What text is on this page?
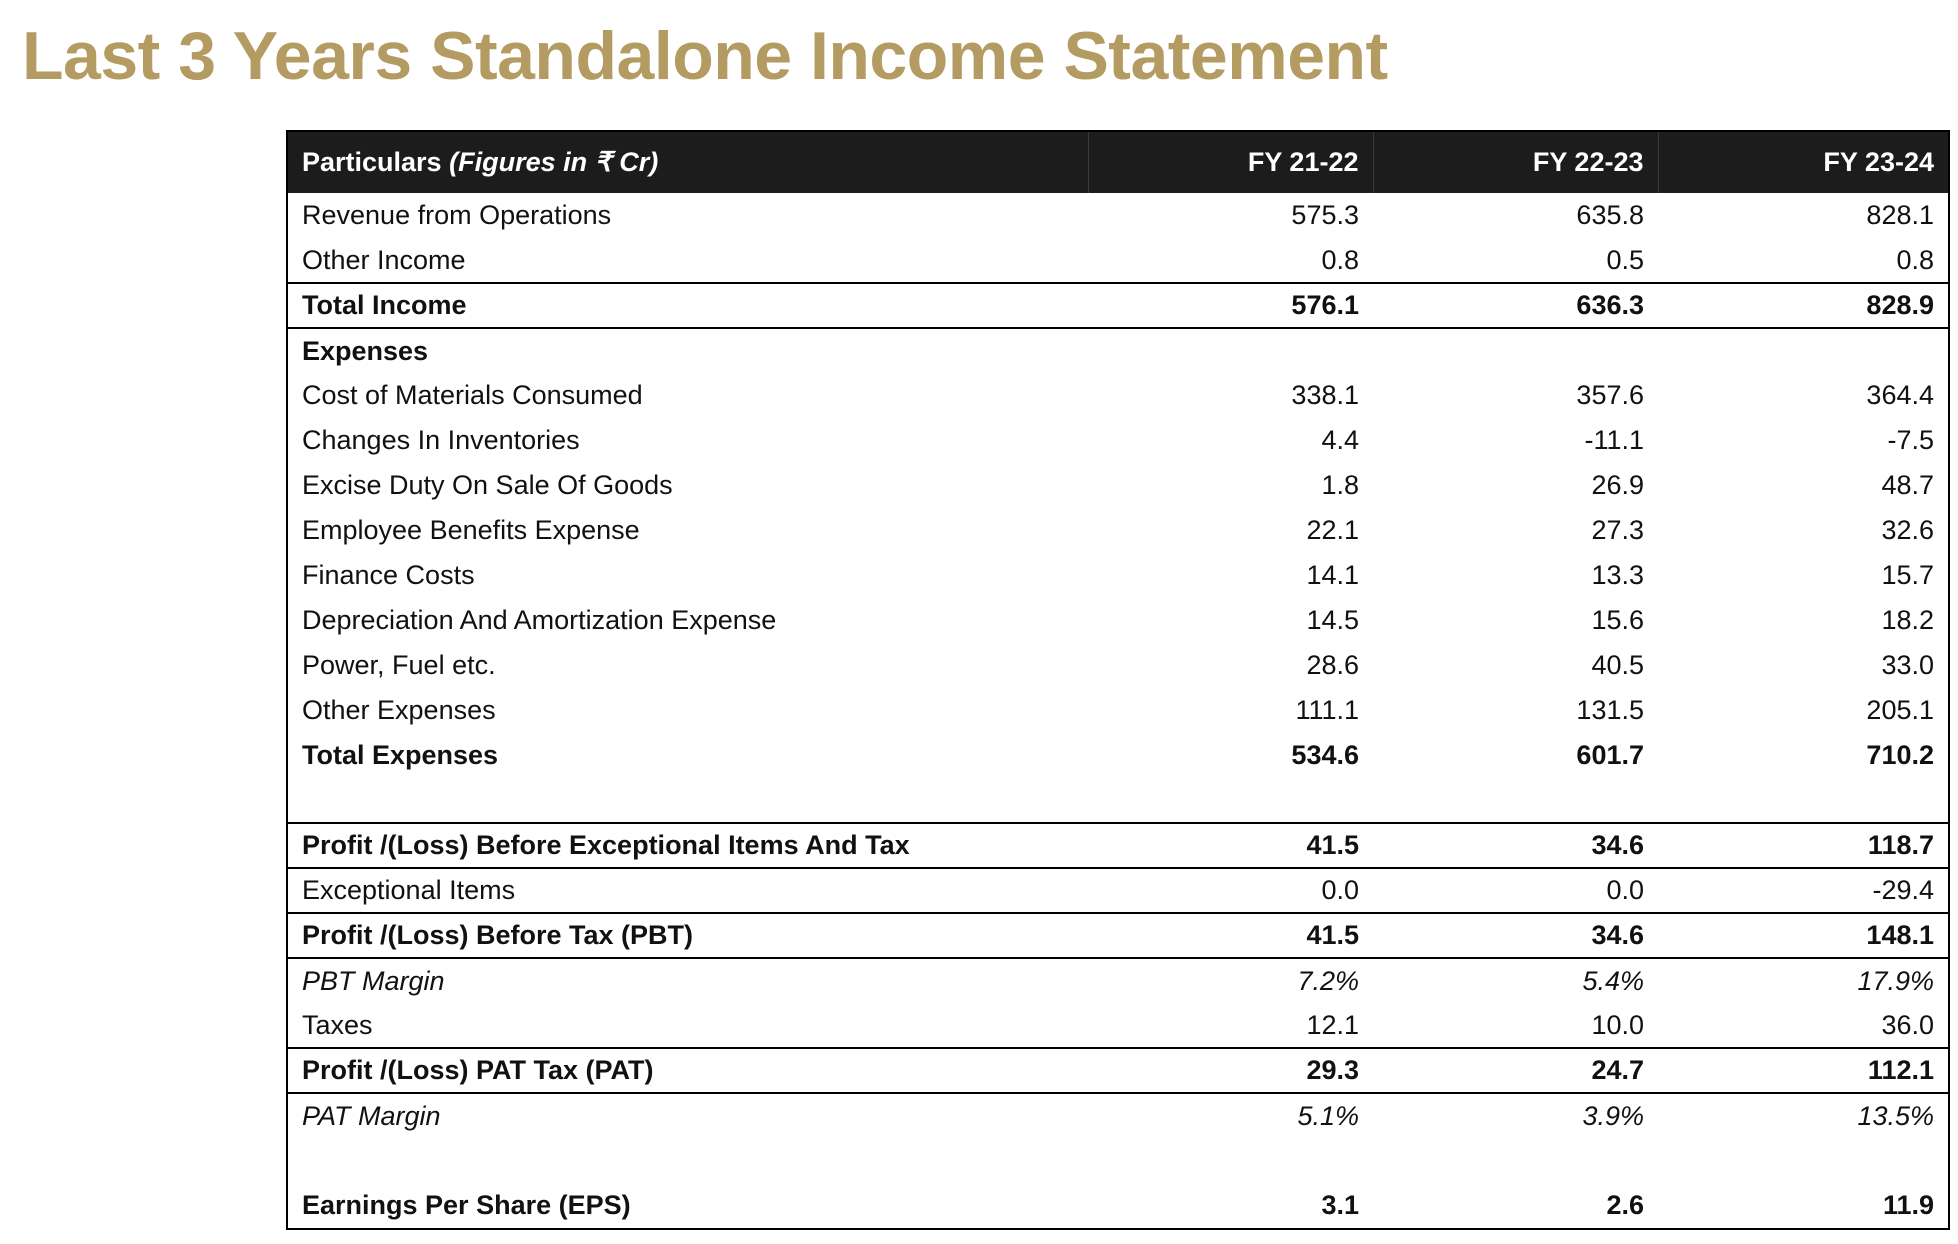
Last 3 Years Standalone Income Statement
Particulars (Figures in ₹ Cr)	FY 21-22	FY 22-23	FY 23-24
Revenue from Operations	575.3	635.8	828.1
Other Income	0.8	0.5	0.8
Total Income	576.1	636.3	828.9
Expenses			
Cost of Materials Consumed	338.1	357.6	364.4
Changes In Inventories	4.4	-11.1	-7.5
Excise Duty On Sale Of Goods	1.8	26.9	48.7
Employee Benefits Expense	22.1	27.3	32.6
Finance Costs	14.1	13.3	15.7
Depreciation And Amortization Expense	14.5	15.6	18.2
Power, Fuel etc.	28.6	40.5	33.0
Other Expenses	111.1	131.5	205.1
Total Expenses	534.6	601.7	710.2

Profit /(Loss) Before Exceptional Items And Tax	41.5	34.6	118.7
Exceptional Items	0.0	0.0	-29.4
Profit /(Loss) Before Tax (PBT)	41.5	34.6	148.1
PBT Margin	7.2%	5.4%	17.9%
Taxes	12.1	10.0	36.0
Profit /(Loss) PAT Tax (PAT)	29.3	24.7	112.1
PAT Margin	5.1%	3.9%	13.5%

Earnings Per Share (EPS)	3.1	2.6	11.9
